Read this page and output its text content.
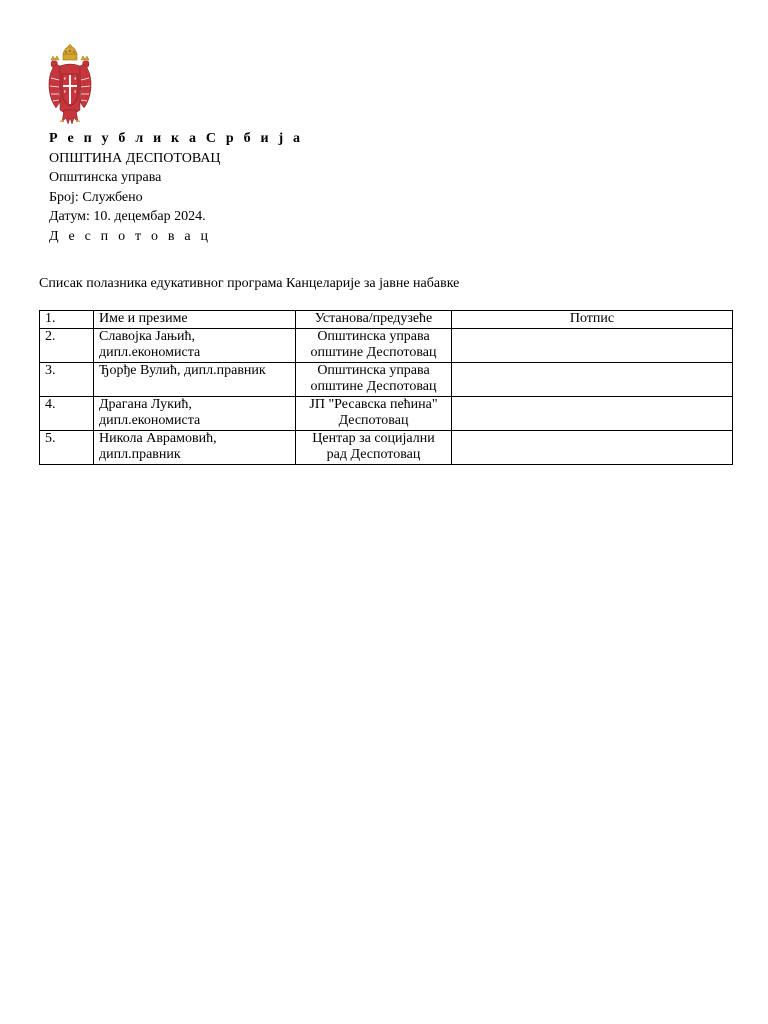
Р е п у б л и к а С р б и ј а
ОПШТИНА ДЕСПОТОВАЦ
Општинска управа
Број: Службено
Датум: 10. децембар 2024.
Д е с п о т о в а ц
Списак полазника едукативног програма Канцеларије за јавне набавке
1.	Име и презиме	Установа/предузеће	Потпис
2.	Славојка Јањић, дипл.економиста	Општинска управа општине Деспотовац	
3.	Ђорђе Вулић, дипл.правник	Општинска управа општине Деспотовац	
4.	Драгана Лукић, дипл.економиста	ЈП "Ресавска пећина" Деспотовац	
5.	Никола Аврамовић, дипл.правник	Центар за социјални рад Деспотовац	
